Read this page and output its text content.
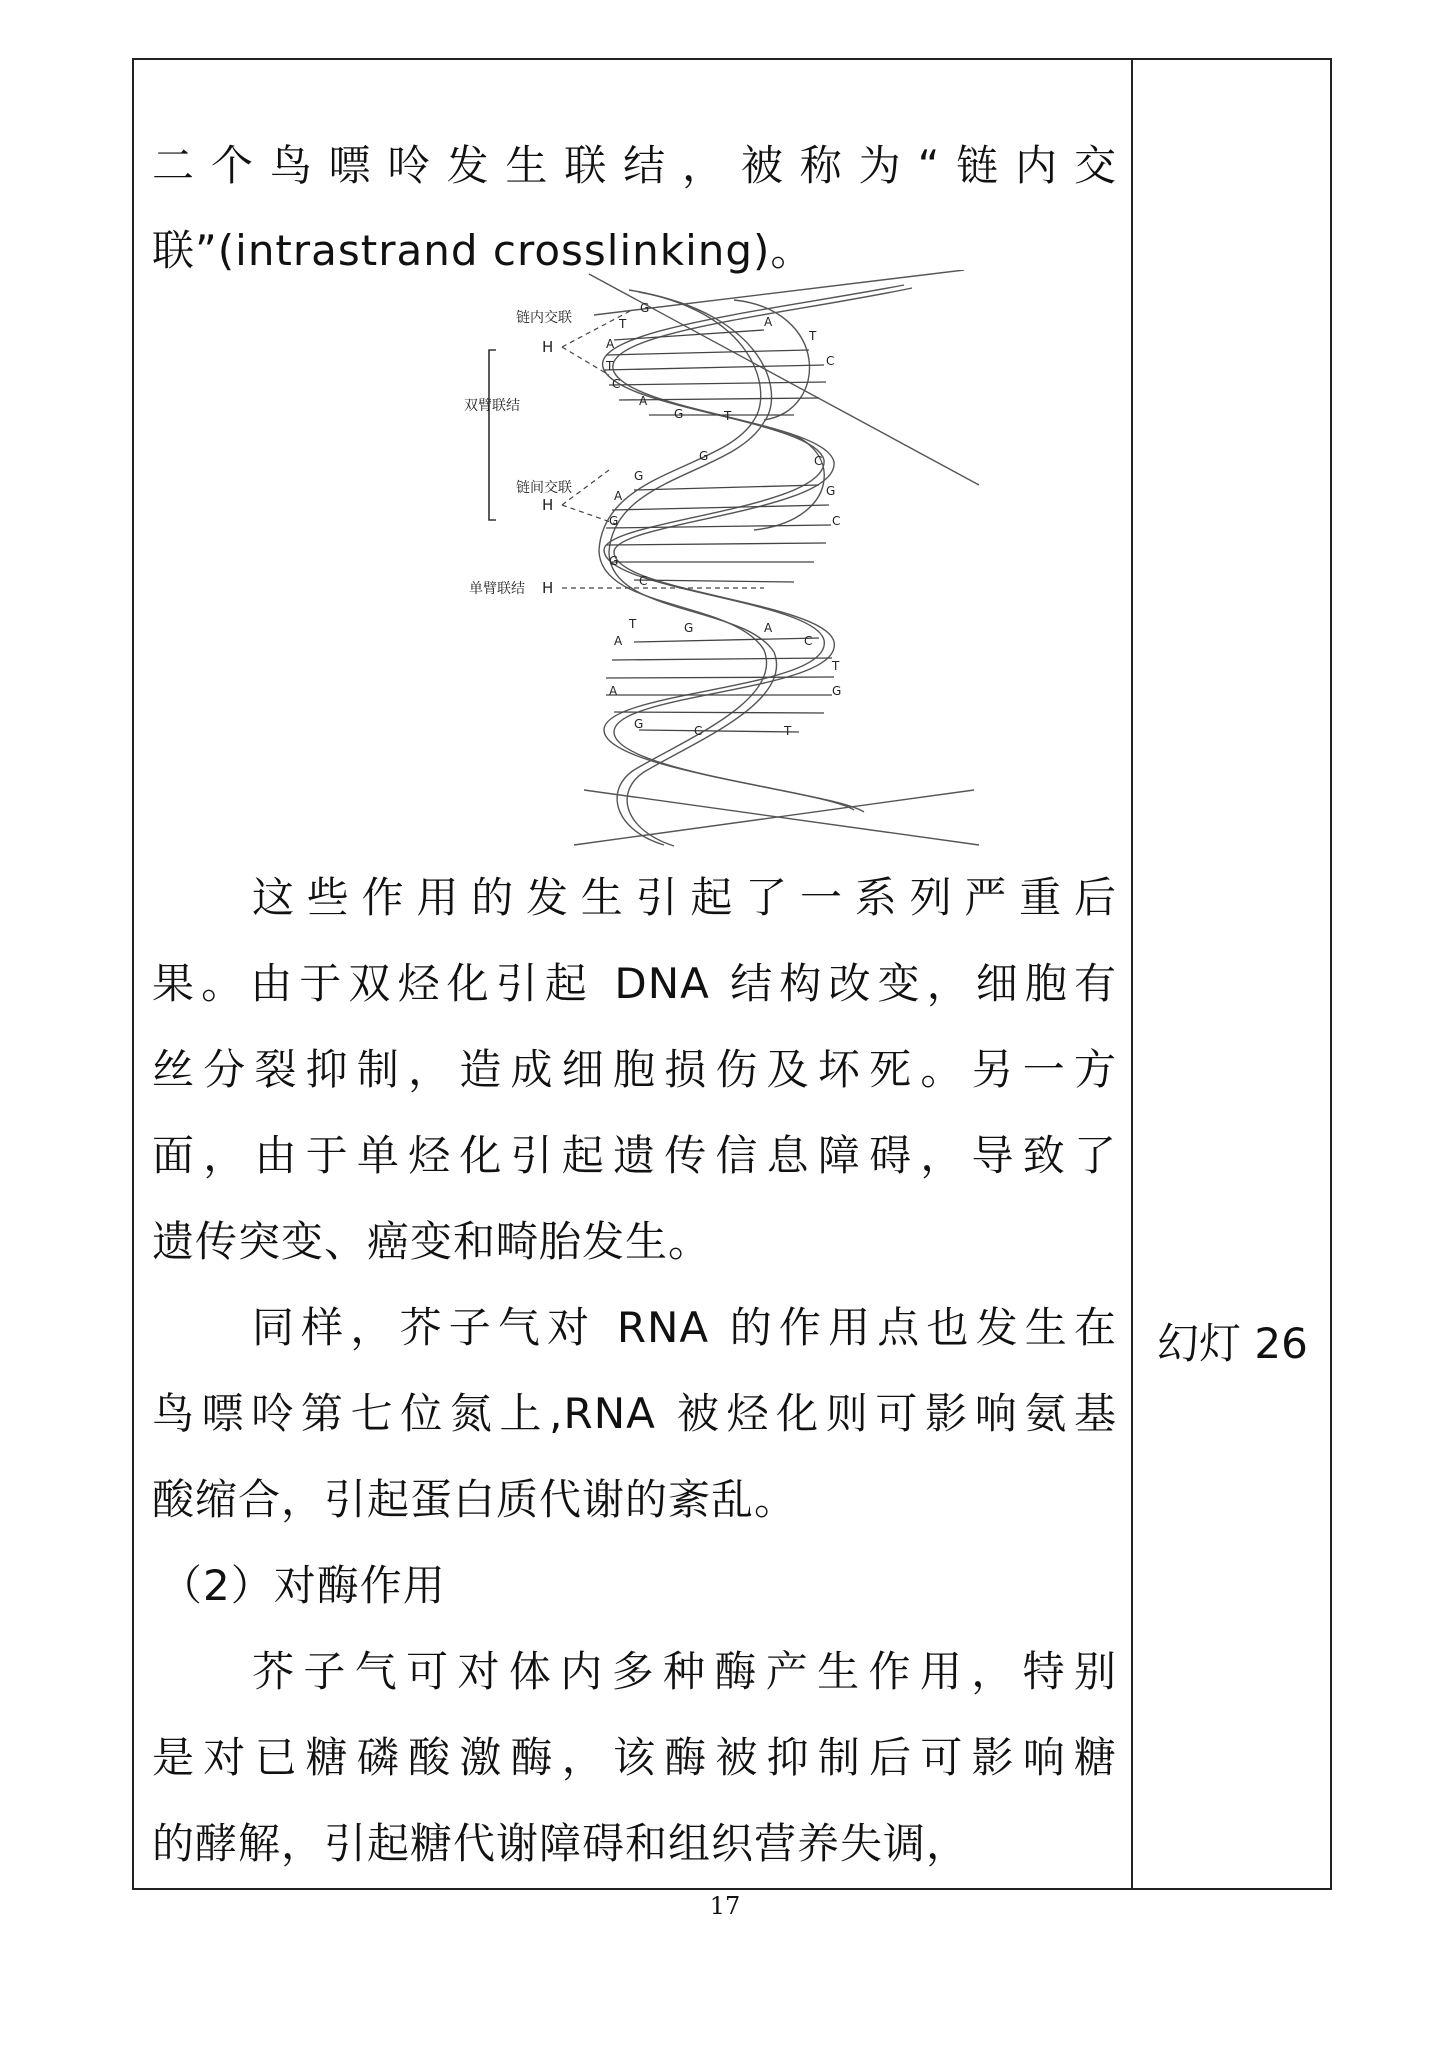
二个鸟嘌呤发生联结，被称为“链内交
联”(intrastrand crosslinking)。
链内交联
双臂联结
链间交联
单臂联结
H
H
H
G
T
A
T
C
A
G	T
A
T
C
G
G
A
G
C
G
C
G
C
A
T	G	A
C
T
G
A
G	C	T
这些作用的发生引起了一系列严重后
果。由于双烃化引起 DNA 结构改变，细胞有
丝分裂抑制，造成细胞损伤及坏死。另一方
面，由于单烃化引起遗传信息障碍，导致了
遗传突变、癌变和畸胎发生。
同样，芥子气对 RNA 的作用点也发生在
鸟嘌呤第七位氮上,RNA 被烃化则可影响氨基
酸缩合，引起蛋白质代谢的紊乱。
（2）对酶作用
芥子气可对体内多种酶产生作用，特别
是对已糖磷酸激酶，该酶被抑制后可影响糖
的酵解，引起糖代谢障碍和组织营养失调，
幻灯 26
17
